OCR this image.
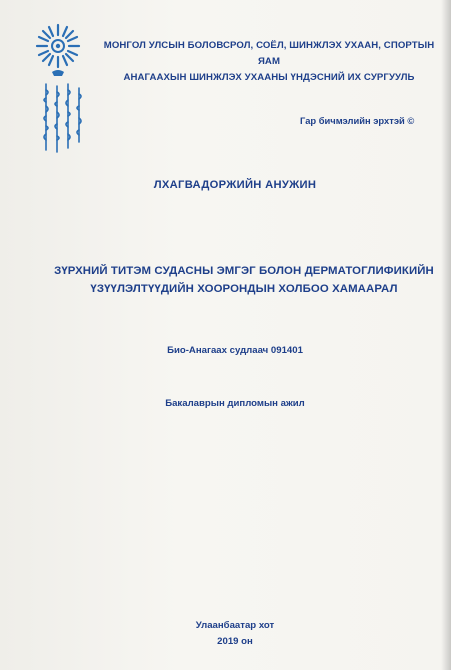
МОНГОЛ УЛСЫН БОЛОВСРОЛ, СОЁЛ, ШИНЖЛЭХ УХААН, СПОРТЫН ЯАМ
АНАГААХЫН ШИНЖЛЭХ УХААНЫ ҮНДЭСНИЙ ИХ СУРГУУЛЬ
Гар бичмэлийн эрхтэй ©
ЛХАГВАДОРЖИЙН АНУЖИН
ЗҮРХНИЙ ТИТЭМ СУДАСНЫ ЭМГЭГ БОЛОН ДЕРМАТОГЛИФИКИЙН
ҮЗҮҮЛЭЛТҮҮДИЙН ХООРОНДЫН ХОЛБОО ХАМААРАЛ
Био-Анагаах судлаач 091401
Бакалаврын дипломын ажил
Улаанбаатар хот
2019 он
